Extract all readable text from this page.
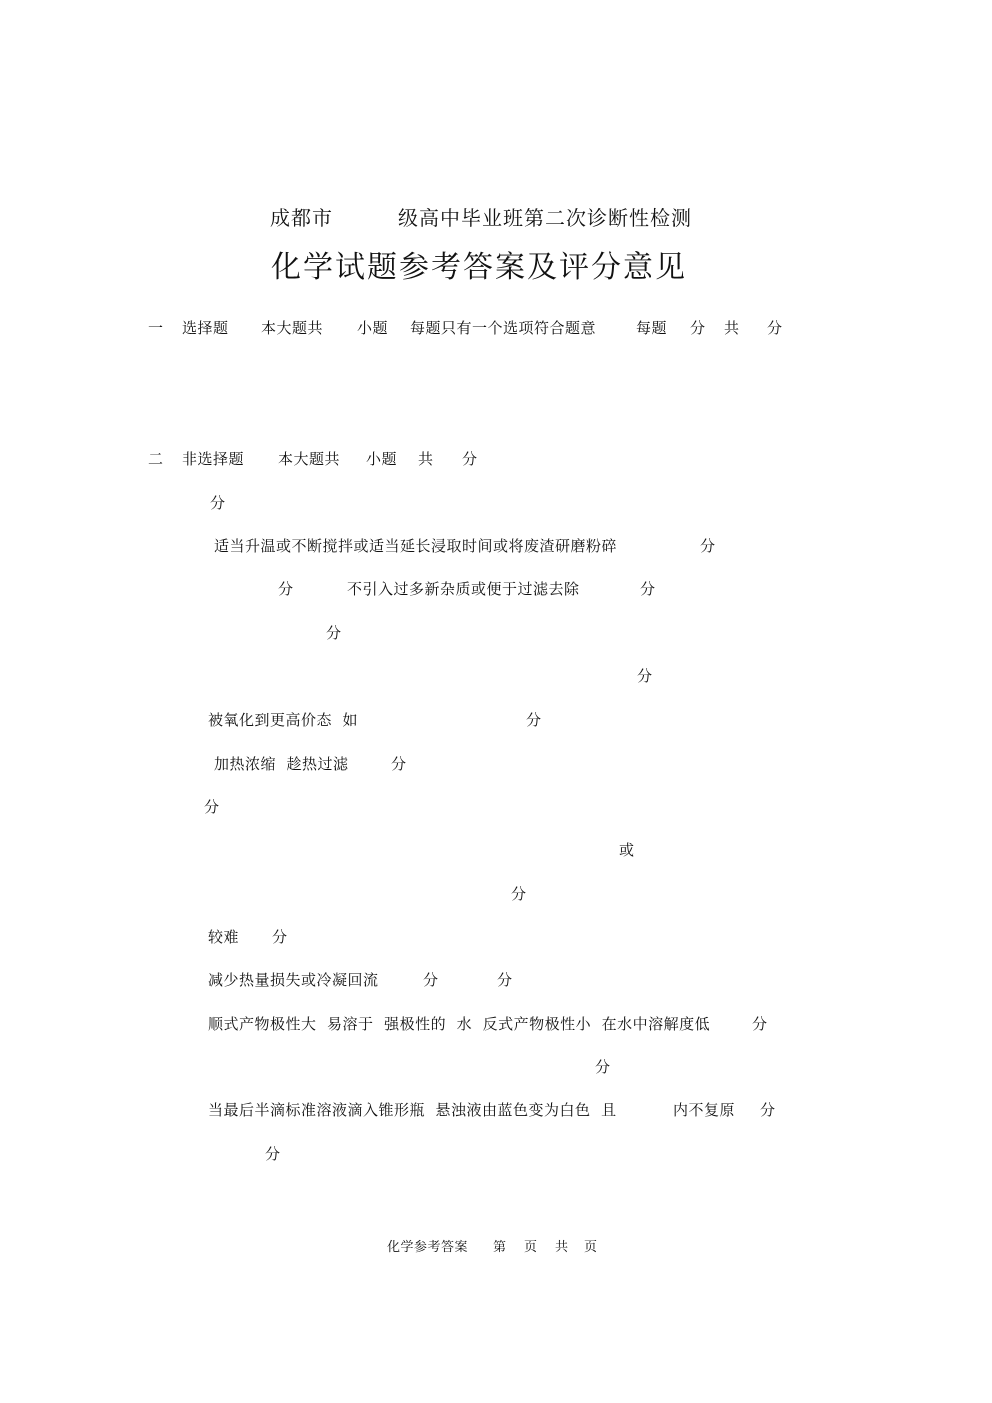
成都市	级高中毕业班第二次诊断性检测
化学试题参考答案及评分意见
一 选择题 本大题共 小题 每题只有一个选项符合题意	每题 分 共 分
二 非选择题 本大题共 小题 共 分
分
适当升温或不断搅拌或适当延长浸取时间或将废渣研磨粉碎	分
分	不引入过多新杂质或便于过滤去除	分
分
分
被氧化到更高价态  如	分
加热浓缩  趁热过滤	分
分
或
分
较难 分
减少热量损失或冷凝回流	分	分
顺式产物极性大  易溶于  强极性的  水  反式产物极性小  在水中溶解度低	分
分
当最后半滴标准溶液滴入锥形瓶  悬浊液由蓝色变为白色  且	内不复原 分
分
化学参考答案 第 页 共 页
